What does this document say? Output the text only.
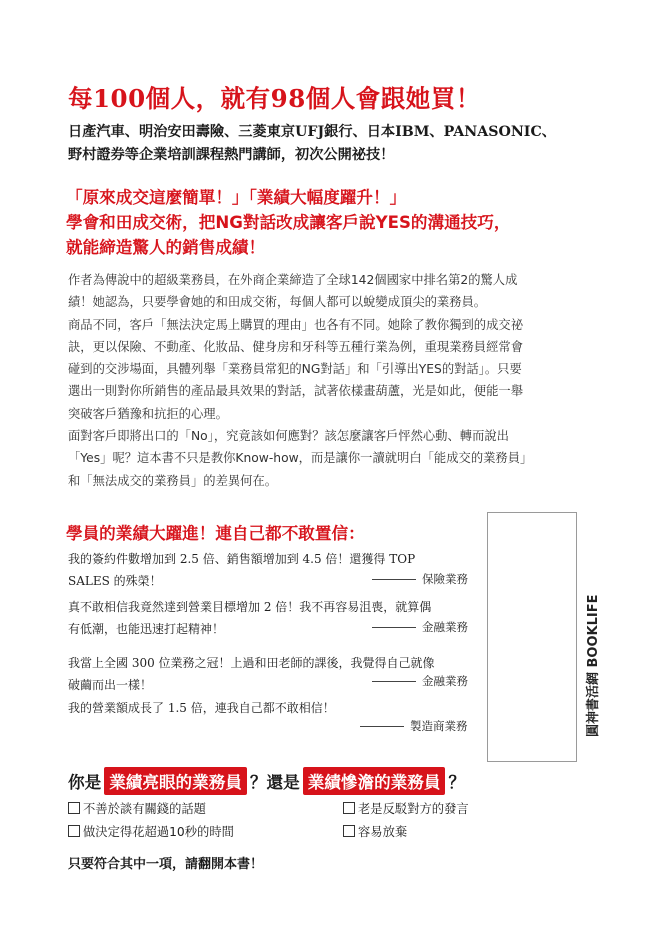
每100個人，就有98個人會跟她買！
日產汽車、明治安田壽險、三菱東京UFJ銀行、日本IBM、PANASONIC、
野村證券等企業培訓課程熱門講師，初次公開祕技！
「原來成交這麼簡單！」「業績大幅度躍升！」
學會和田成交術，把NG對話改成讓客戶說YES的溝通技巧，
就能締造驚人的銷售成績！
作者為傳說中的超級業務員，在外商企業締造了全球142個國家中排名第2的驚人成
績！她認為，只要學會她的和田成交術，每個人都可以蛻變成頂尖的業務員。
商品不同，客戶「無法決定馬上購買的理由」也各有不同。她除了教你獨到的成交祕
訣，更以保險、不動產、化妝品、健身房和牙科等五種行業為例，重現業務員經常會
碰到的交涉場面，具體列舉「業務員常犯的NG對話」和「引導出YES的對話」。只要
選出一則對你所銷售的產品最具效果的對話，試著依樣畫葫蘆，光是如此，便能一舉
突破客戶猶豫和抗拒的心理。
面對客戶即將出口的「No」，究竟該如何應對？該怎麼讓客戶怦然心動、轉而說出
「Yes」呢？這本書不只是教你Know-how，而是讓你一讀就明白「能成交的業務員」
和「無法成交的業務員」的差異何在。
學員的業績大躍進！連自己都不敢置信：
我的簽約件數增加到 2.5 倍、銷售額增加到 4.5 倍！還獲得 TOP
SALES 的殊榮！	保險業務
真不敢相信我竟然達到營業目標增加 2 倍！我不再容易沮喪，就算偶
有低潮，也能迅速打起精神！	金融業務
我當上全國 300 位業務之冠！上過和田老師的課後，我覺得自己就像
破繭而出一樣！	金融業務
我的營業額成長了 1.5 倍，連我自己都不敢相信！
製造商業務	圓神書活網 BOOKLIFE
你是 業績亮眼的業務員 ？還是 業績慘澹的業務員 ？
不善於談有關錢的話題	老是反駁對方的發言
做決定得花超過10秒的時間	容易放棄
只要符合其中一項，請翻開本書！
